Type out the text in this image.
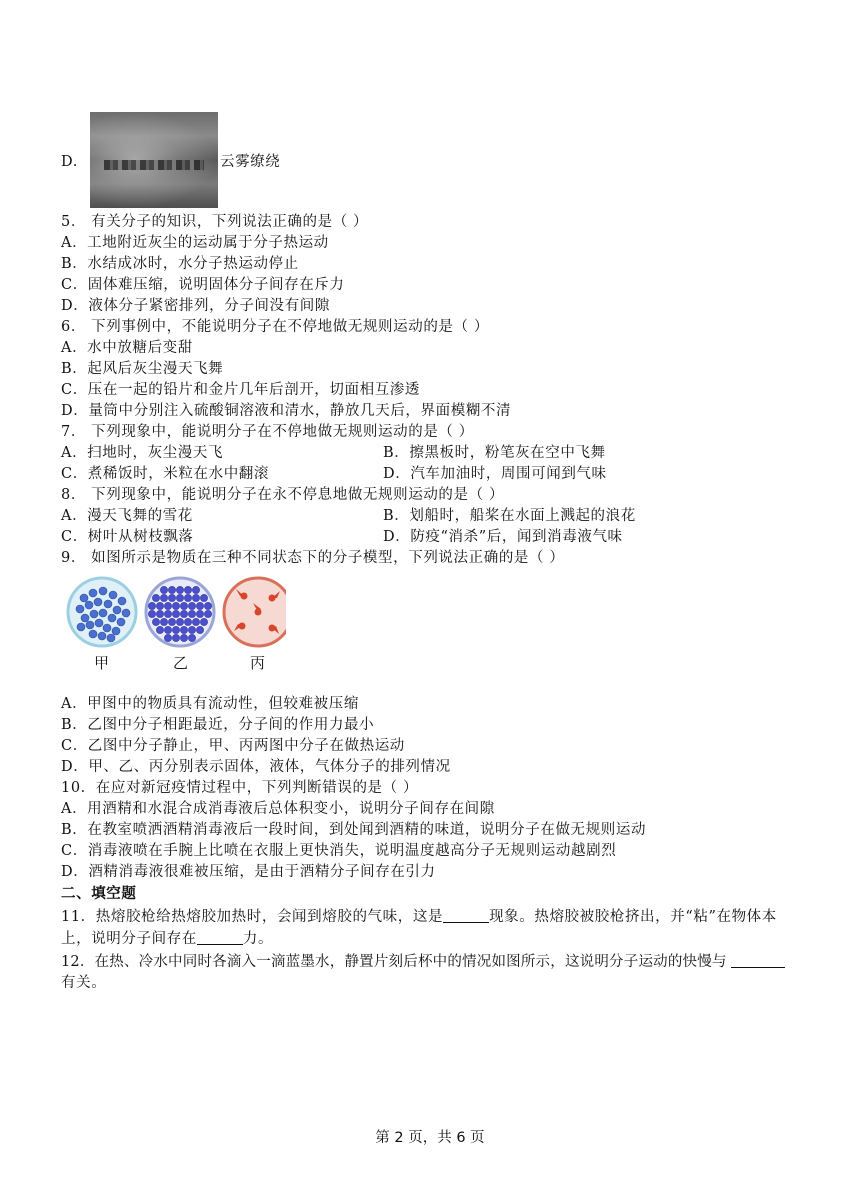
D.	云雾缭绕
5． 有关分子的知识，下列说法正确的是（ ）
A．工地附近灰尘的运动属于分子热运动
B．水结成冰时，水分子热运动停止
C．固体难压缩，说明固体分子间存在斥力
D．液体分子紧密排列，分子间没有间隙
6． 下列事例中，不能说明分子在不停地做无规则运动的是（ ）
A．水中放糖后变甜
B．起风后灰尘漫天飞舞
C．压在一起的铅片和金片几年后剖开，切面相互渗透
D．量筒中分别注入硫酸铜溶液和清水，静放几天后，界面模糊不清
7． 下列现象中，能说明分子在不停地做无规则运动的是（ ）
A．扫地时，灰尘漫天飞	B．擦黑板时，粉笔灰在空中飞舞
C．煮稀饭时，米粒在水中翻滚	D．汽车加油时，周围可闻到气味
8． 下列现象中，能说明分子在永不停息地做无规则运动的是（ ）
A．漫天飞舞的雪花	B．划船时，船桨在水面上溅起的浪花
C．树叶从树枝飘落	D．防疫“消杀”后，闻到消毒液气味
9． 如图所示是物质在三种不同状态下的分子模型，下列说法正确的是（ ）
甲	乙	丙
A．甲图中的物质具有流动性，但较难被压缩
B．乙图中分子相距最近，分子间的作用力最小
C．乙图中分子静止，甲、丙两图中分子在做热运动
D．甲、乙、丙分别表示固体，液体，气体分子的排列情况
10．在应对新冠疫情过程中，下列判断错误的是（ ）
A．用酒精和水混合成消毒液后总体积变小，说明分子间存在间隙
B．在教室喷洒酒精消毒液后一段时间，到处闻到酒精的味道，说明分子在做无规则运动
C．消毒液喷在手腕上比喷在衣服上更快消失，说明温度越高分子无规则运动越剧烈
D．酒精消毒液很难被压缩，是由于酒精分子间存在引力
二、填空题
11．热熔胶枪给热熔胶加热时，会闻到熔胶的气味，这是	现象。热熔胶被胶枪挤出，并“粘”在物体本
上，说明分子间存在	力。
12．在热、冷水中同时各滴入一滴蓝墨水，静置片刻后杯中的情况如图所示，这说明分子运动的快慢与
有关。
第 2 页，共 6 页
